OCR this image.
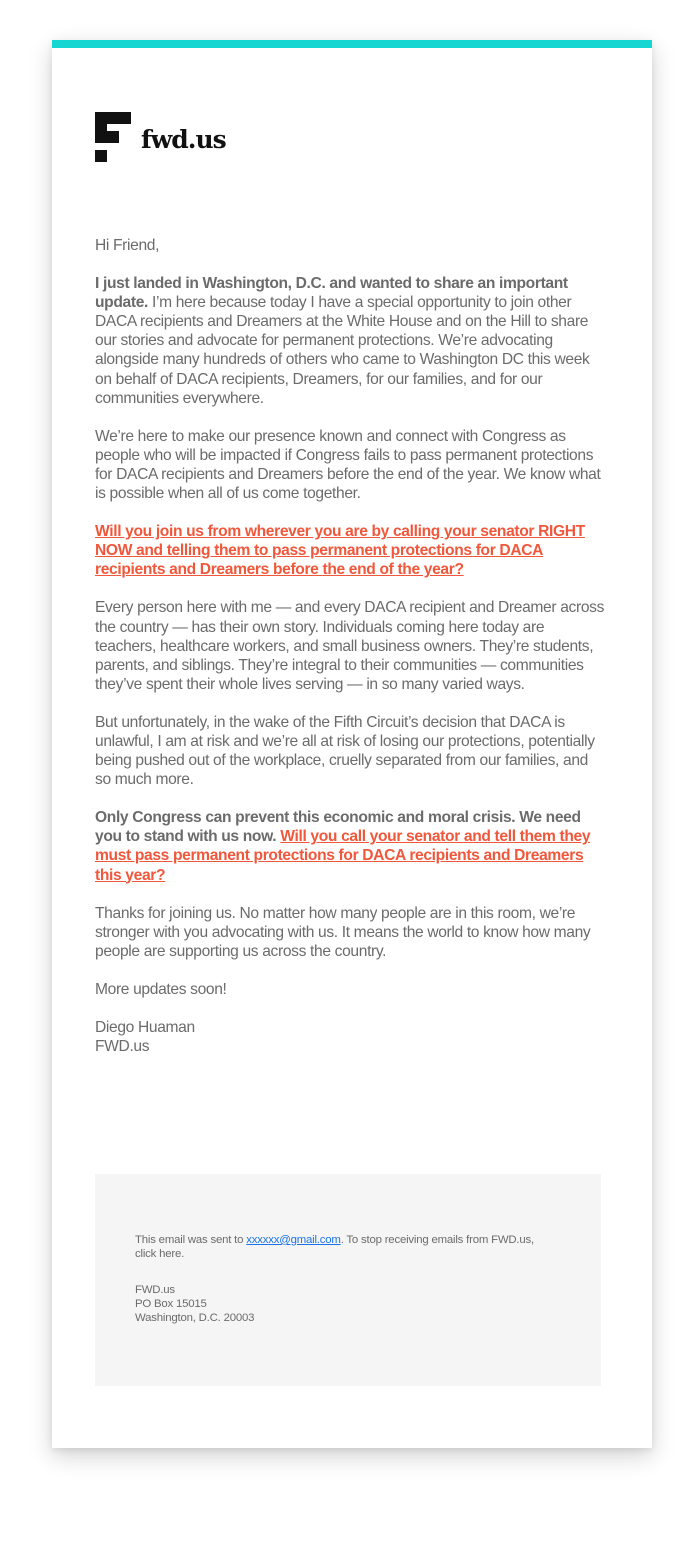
fwd.us

Hi Friend,

I just landed in Washington, D.C. and wanted to share an important update. I’m here because today I have a special opportunity to join other DACA recipients and Dreamers at the White House and on the Hill to share our stories and advocate for permanent protections. We’re advocating alongside many hundreds of others who came to Washington DC this week on behalf of DACA recipients, Dreamers, for our families, and for our communities everywhere.

We’re here to make our presence known and connect with Congress as people who will be impacted if Congress fails to pass permanent protections for DACA recipients and Dreamers before the end of the year. We know what is possible when all of us come together.

Will you join us from wherever you are by calling your senator RIGHT NOW and telling them to pass permanent protections for DACA recipients and Dreamers before the end of the year?

Every person here with me — and every DACA recipient and Dreamer across the country — has their own story. Individuals coming here today are teachers, healthcare workers, and small business owners. They’re students, parents, and siblings. They’re integral to their communities — communities they’ve spent their whole lives serving — in so many varied ways.

But unfortunately, in the wake of the Fifth Circuit’s decision that DACA is unlawful, I am at risk and we’re all at risk of losing our protections, potentially being pushed out of the workplace, cruelly separated from our families, and so much more.

Only Congress can prevent this economic and moral crisis. We need you to stand with us now. Will you call your senator and tell them they must pass permanent protections for DACA recipients and Dreamers this year?

Thanks for joining us. No matter how many people are in this room, we’re stronger with you advocating with us. It means the world to know how many people are supporting us across the country.

More updates soon!

Diego Huaman
FWD.us

This email was sent to xxxxxx@gmail.com. To stop receiving emails from FWD.us, click here.
FWD.us
PO Box 15015
Washington, D.C. 20003
